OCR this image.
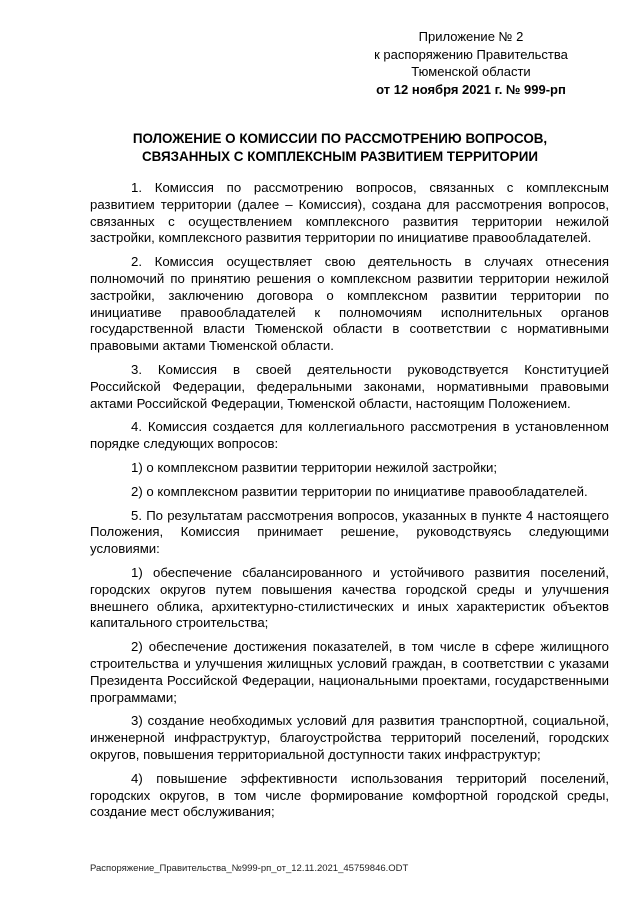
Приложение № 2
к распоряжению Правительства
Тюменской области
от 12 ноября 2021 г. № 999-рп
ПОЛОЖЕНИЕ О КОМИССИИ ПО РАССМОТРЕНИЮ ВОПРОСОВ,
СВЯЗАННЫХ С КОМПЛЕКСНЫМ РАЗВИТИЕМ ТЕРРИТОРИИ

1. Комиссия по рассмотрению вопросов, связанных с комплексным развитием территории (далее – Комиссия), создана для рассмотрения вопросов, связанных с осуществлением комплексного развития территории нежилой застройки, комплексного развития территории по инициативе правообладателей.

2. Комиссия осуществляет свою деятельность в случаях отнесения полномочий по принятию решения о комплексном развитии территории нежилой застройки, заключению договора о комплексном развитии территории по инициативе правообладателей к полномочиям исполнительных органов государственной власти Тюменской области в соответствии с нормативными правовыми актами Тюменской области.

3. Комиссия в своей деятельности руководствуется Конституцией Российской Федерации, федеральными законами, нормативными правовыми актами Российской Федерации, Тюменской области, настоящим Положением.

4. Комиссия создается для коллегиального рассмотрения в установленном порядке следующих вопросов:

1) о комплексном развитии территории нежилой застройки;

2) о комплексном развитии территории по инициативе правообладателей.

5. По результатам рассмотрения вопросов, указанных в пункте 4 настоящего Положения, Комиссия принимает решение, руководствуясь следующими условиями:

1) обеспечение сбалансированного и устойчивого развития поселений, городских округов путем повышения качества городской среды и улучшения внешнего облика, архитектурно-стилистических и иных характеристик объектов капитального строительства;

2) обеспечение достижения показателей, в том числе в сфере жилищного строительства и улучшения жилищных условий граждан, в соответствии с указами Президента Российской Федерации, национальными проектами, государственными программами;

3) создание необходимых условий для развития транспортной, социальной, инженерной инфраструктур, благоустройства территорий поселений, городских округов, повышения территориальной доступности таких инфраструктур;

4) повышение эффективности использования территорий поселений, городских округов, в том числе формирование комфортной городской среды, создание мест обслуживания;

Распоряжение_Правительства_№999-рп_от_12.11.2021_45759846.ODT
